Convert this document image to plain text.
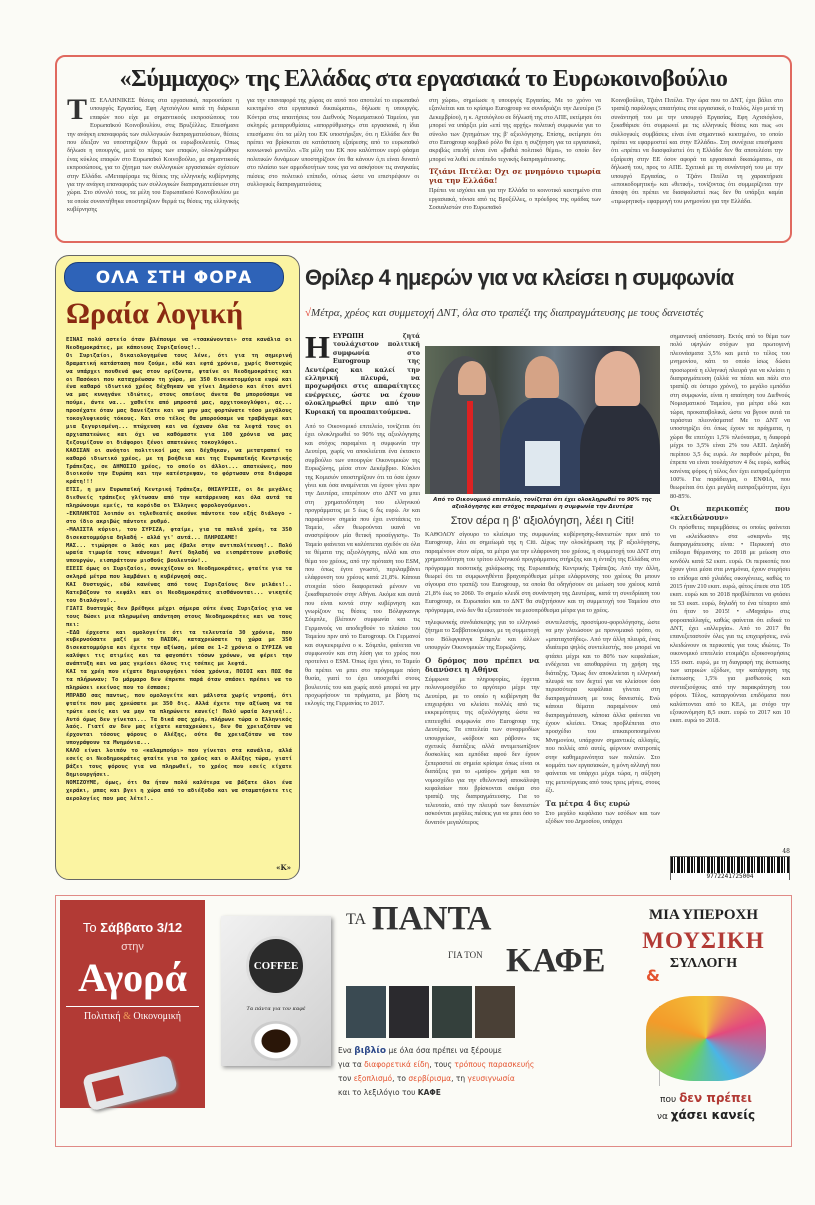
«Σύμμαχος» της Ελλάδας στα εργασιακά το Ευρωκοινοβούλιο
ΤΙΣ ΕΛΛΗΝΙΚΕΣ θέσεις στα εργασιακά, παρουσίασε η υπουργός Εργασίας, Εφη Αχτσιόγλου κατά τη διάρκεια επαφών που είχε με σημαντικούς εκπροσώπους του Ευρωπαϊκού Κοινοβουλίου, στις Βρυξέλλες. Επεσήμανε την ανάγκη επαναφοράς των συλλογικών διαπραγματεύσεων, θέσεις που έδειξαν να υποστηρίζουν θερμά οι ευρωβουλευτές. Οπως δήλωσε η υπουργός, μετά το πέρας των επαφών, ολοκληρώθηκε ένας κύκλος επαφών στο Ευρωπαϊκό Κοινοβούλιο, με σημαντικούς εκπροσώπους, για το ζήτημα των συλλογικών εργασιακών σχέσεων στην Ελλάδα. «Μεταφέραμε τις θέσεις της ελληνικής κυβέρνησης για την ανάγκη επαναφοράς των συλλογικών διαπραγματεύσεων στη χώρα. Στο σύνολό τους, τα μέλη του Ευρωπαϊκού Κοινοβουλίου με τα οποία συναντήθηκα υποστηρίζουν θερμά τις θέσεις της ελληνικής κυβέρνησης
για την επαναφορά της χώρας σε αυτό που αποτελεί το ευρωπαϊκό κεκτημένο στα εργασιακά δικαιώματα», δήλωσε η υπουργός. Κόντρα στις απαιτήσεις του Διεθνούς Νομισματικού Ταμείου, για σκληρές μεταρρυθμίσεις «απορρύθμισης» στα εργασιακά, η ίδια επεσήμανε ότι τα μέλη του ΕΚ υποστήριξαν, ότι η Ελλάδα δεν θα πρέπει να βρίσκεται σε κατάσταση εξαίρεσης από το ευρωπαϊκό κοινωνικό μοντέλο. «Τα μέλη του ΕΚ που καλύπτουν ευρύ φάσμα πολιτικών δυνάμεων υποστηρίζουν ότι θα κάνουν ό,τι είναι δυνατό στο πλαίσιο των αρμοδιοτήτων τους για να ασκήσουν τις αναγκαίες πιέσεις στο πολιτικό επίπεδο, ούτως ώστε να επιστρέψουν οι συλλογικές διαπραγματεύσεις

στη χώρα», σημείωσε η υπουργός Εργασίας. Με το χρόνο να εξανλείται και το κρίσιμο Eurogroup να συνεδριάζει την Δευτέρα (5 Δεκεμβρίου), η κ. Αχτσιόγλου σε δήλωσή της στο ΑΠΕ, εκτίμησε ότι μπορεί να υπάρξει μία «επί της αρχής» πολιτική συμφωνία για το σύνολο των ζητημάτων της β' αξιολόγησης. Επίσης, εκτίμησε ότι στο Eurogroup κομβικό ρόλο θα έχει η συζήτηση για τα εργασιακά, ακριβώς επειδή είναι ένα «βαθιά πολιτικό θέμα», το οποίο δεν μπορεί να λυθεί σε επίπεδο τεχνικής διαπραγμάτευσης.

Τζιάνι Πιτέλα: Όχι σε μνημόνιο τιμωρία για την Ελλάδα!

Πρέπει να ισχύσει και για την Ελλάδα το κοινοτικό κεκτημένο στα εργασιακά, τόνισε από τις Βρυξέλλες, ο πρόεδρος της ομάδας των Σοσιαλιστών στο Ευρωπαϊκό

Κοινοβούλιο, Τζιάνι Πιτέλα. Την ώρα που το ΔΝΤ, έχει βάλει στο τραπέζι παράλογες απαιτήσεις στα εργασιακά, ο Ιταλός, λίγο μετά τη συνάντησή του με την υπουργό Εργασίας, Εφη Αχτσιόγλου, ξεκαθάρισε ότι συμφωνεί με τις ελληνικές θέσεις και πως «οι συλλογικές συμβάσεις είναι ένα σημαντικό κεκτημένο, το οποίο πρέπει να εφαρμοστεί και στην Ελλάδα». Στη συνέχεια επεσήμανε ότι «πρέπει να διασφαλιστεί ότι η Ελλάδα δεν θα αποτελέσει την εξαίρεση στην ΕΕ όσον αφορά τα εργασιακά δικαιώματα», σε δήλωσή του, προς το ΑΠΕ. Σχετικά με τη συνάντησή του με την υπουργό Εργασίας, ο Τζιάνι Πιτέλα τη χαρακτήρισε «εποικοδομητική» και «θετική», τονίζοντας ότι συμμερίζεται την άποψη ότι πρέπει να διασφαλιστεί πως δεν θα υπάρξει καμία «τιμωρητική» εφαρμογή του μνημονίου για την Ελλάδα.
ΟΛΑ ΣΤΗ ΦΟΡΑ
Ωραία λογική

ΕΙΝΑΙ πολύ αστείο όταν βλέπουμε να «τσακώνονται» στα κανάλια οι Νεοδημοκράτες, με κάποιους Συριζαίους!..

Οι Συριζαίοι, δικαιολογημένα τους λένε, ότι για τη σημερινή δραματική κατάσταση που ζούμε, εδώ και εφτά χρόνια, χωρίς δυστυχώς να υπάρχει πουθενά φως στον ορίζοντα, φταίνε οι Νεοδημοκράτες και οι Πασόκοι που καταχρέωσαν τη χώρα, με 350 δισεκατομμύρια ευρώ και ένα καθαρό ιδιωτικό χρέος δέχθηκαν να γίνει Δημόσιο και έτσι αντί να μας κυνηγάνε ιδιώτες, στους οποίους άνετα θα μπορούσαμε να πούμε, άντε να... χαθείτε από μπροστά μας, αρχιτοκογλύφοι, ας... προσέχατε όταν μας δανείζατε και να μην μας φορτώνατε τόσο μεγάλους τοκογλυφικούς τόκους. Και στο τέλος θα μπορούσαμε να τραβάγαμε και μια ξεγυρισμένη... πτώχευση και να έχαναν όλα τα λεφτά τους οι αρχιαπατεώνες και όχι να καθόμαστε για 100 χρόνια να μας ξεζουμίζουν οι διάφοροι ξένοι απατεώνες τοκογλύφοι.

ΚΑΘΙΣΑΝ οι ανόητοι πολιτικοί μας και δέχθηκαν, να μετατραπεί το καθαρό ιδιωτικό χρέος, με τη βοήθεια και της Ευρωπαϊκής Κεντρικής Τράπεζας, σε ΔΗΜΟΣΙΟ χρέος, το οποίο οι άλλοι... απατεώνες, που διοικούν την Ευρώπη και την κατέστρεψαν, το φόρτωσαν στα διάφορα κράτη!!!

ΕΤΣΙ, η μεν Ευρωπαϊκή Κεντρική Τράπεζα, ΘΗΣΑΥΡΙΣΕ, οι δε μεγάλες διεθνείς τράπεζες γλίτωσαν από την κατάρρευση και όλα αυτά τα πληρώνουμε εμείς, τα κορόιδα οι Έλληνες φορολογούμενοι.

-ΕΚΠΛΗΚΤΟΙ λοιπόν οι τηλεθεατές ακούνε πάντοτε τον εξής διάλογο - στο ίδιο ακριβώς πάντοτε ρυθμό.

-ΜΑΛΙΣΤΑ κύριοι, του ΣΥΡΙΖΑ, φταίμε, για τα παλιά χρέη, τα 350 δισεκατομμύρια δηλαδή - αλλά γι' αυτά... ΠΛΗΡΩΣΑΜΕ!

ΜΑΣ... τιμώρησε ο λαός και μας έβαλε στην αντιπολίτευση!.. Πολύ ωραία τιμωρία τους κάνουμε! Αντί δηλαδή να εισπράττουν μισθούς υπουργών, εισπράττουν μισθούς βουλευτών!..

ΕΣΕΙΣ όμως οι Συριζαίοι, συνεχίζουν οι Νεοδημοκράτες, φταίτε για τα σκληρά μέτρα που λαμβάνει η κυβέρνησή σας.

ΚΑΙ δυστυχώς, εδώ κανένας από τους Συριζαίους δεν μιλάει!.. Κατεβάζουν το κεφάλι και οι Νεοδημοκράτες αισθάνονται... νικητές του διαλόγου!..

ΓΙΑΤΙ δυστυχώς δεν βρέθηκε μέχρι σήμερα ούτε ένας Συριζαίος για να τους δώσει μια πληρωμένη απάντηση στους Νεοδημοκράτες και να τους πει:

-ΕΔΩ έρχεστε και ομολογείτε ότι τα τελευταία 30 χρόνια, που κυβερνούσατε μαζί με το ΠΑΣΟΚ, καταχρεώσατε τη χώρα με 350 δισεκατομμύρια και έχετε την αξίωση, μέσα σε 1-2 χρόνια ο ΣΥΡΙΖΑ να καλύψει τις ατιμίες και τα φαγοπότι τόσων χρόνων, να φέρει την ανάπτυξη και να μας γεμίσει όλους τις τσέπες με λεφτά.

ΚΑΙ τα χρέη που είχατε δημιουργήσει τόσα χρόνια, ΠΟΙΟΙ και ΠΩΣ θα τα πλήρωναν; Το μάρμαρο δεν έπρεπε παρά όταν σπάσει πρέπει να το πληρώσει εκείνος που το έσπασε;

ΜΠΡΑΒΟ σας παντως, που ομολογείτε και μάλιστα χωρίς ντροπή, ότι φταίτε που μας χρεώσατε με 350 δις. Αλλά έχετε την αξίωση να τα τρώτε εσείς και να μην τα πληρώνετε κανείς! Πολύ ωραία λογική!.. Αυτό όμως δεν γίνεται... Τα δικά σας χρέη, πλήρωνε τώρα ο Ελληνικός λαός. Γιατί αν δεν μας είχατε καταχρεώσει, δεν θα χρειαζόταν να έρχονται τόσους φόρους ο Αλέξης, ούτε θα χρειαζόταν να τον υπογράψουν τα Μνημόνια...

ΚΑΛΟ είναι λοιπόν το «καλαμπούρι» που γίνεται στα κανάλια, αλλά εσείς οι Νεοδημοκράτες φταίτε για το χρέος και ο Αλέξης τώρα, γιατί βάζει τους φόρους για να πληρωθεί, το χρέος που εσείς είχατε δημιουργήσει.

ΝΟΜΙΖΟΥΜΕ, όμως, ότι θα ήταν πολύ καλύτερα να βάζατε όλοι ένα χεράκι, μπας και βγει η χώρα από το αδιέξοδο και να σταματήσετε τις αερολογίες που μας λέτε!..

«Κ»
Θρίλερ 4 ημερών για να κλείσει η συμφωνία
√Μέτρα, χρέος και συμμετοχή ΔΝΤ, όλα στο τραπέζι της διαπραγμάτευσης με τους δανειστές
ΗΕΥΡΩΠΗ ζητά τουλάχιστον πολιτική συμφωνία στο Eurogroup της Δευτέρας και καλεί την ελληνική πλευρά, να προχωρήσει στις απαραίτητες ενέργειες, ώστε να έχουν ολοκληρωθεί πριν από την Κυριακή τα προαπαιτούμενα.
Από το Οικονομικό επιτελείο, τονίζεται ότι έχει ολοκληρωθεί το 90% της αξιολόγησης και στόχος παραμένει η συμφωνία την Δευτέρα, χωρίς να αποκλείεται ένα έκτακτο συμβούλιο των υπουργών Οικονομικών της Ευρωζώνης, μέσα στον Δεκέμβριο. Κύκλοι της Κομισιόν υποστηρίζουν ότι τα όσα έχουν γίνει και όσα αναμένεται να έχουν γίνει πριν την Δευτέρα, επιτρέπουν στο ΔΝΤ να μπει στη χρηματοδότηση του ελληνικού προγράμματος με 5 έως 6 δις ευρώ. Αν και παραμένουν σημεία που έχει ενστάσεις το Ταμείο, «δεν θεωρούνται ικανά να αναστρέψουν μία θετική προσέγγιση». Το Ταμείο φαίνεται να καλύπτεται σχεδόν σε όλα τα θέματα της αξιολόγησης, αλλά και στο θέμα του χρέους, από την πρόταση του ESM, που όπως έγινε γνωστό, περιλαμβάνει ελάφρυνση του χρέους κατά 21,8%. Κάποια στοιχεία τόσο διαφορετικά μένουν να ξεκαθαριστούν στην Αθήνα. Ακόμα και αυτά που είναι κοντά στην κυβέρνηση και γνωρίζουν τις θέσεις του Βόλφγκανγκ Σόιμπλε, βλέπουν συμφωνία και τις Γερμανούς να αποδεχθούν το πλαίσιο του Ταμείου πριν από το Eurogroup. Οι Γερμανοί και συγκεκριμένα ο κ. Σόιμπλε, φαίνεται να συμφωνούν και στη λύση για το χρέος που προτείνει ο ESM. Όπως έχει γίνει, το Ταμείο θα πρέπει να μπει στο πρόγραμμα πάση θυσία, γιατί το έχει υποσχεθεί στους βουλευτές του και χωρίς αυτό μπορεί να μην προχωρήσουν τα πράγματα, με βάση τις εκλογές της Γερμανίας το 2017.
Από το Οικονομικό επιτελείο, τονίζεται ότι έχει ολοκληρωθεί το 90% της αξιολόγησης και στόχος παραμένει η συμφωνία την Δευτέρα
Στον αέρα η β' αξιολόγηση, λέει η Citi!
ΚΑΘΟΛΟΥ σίγουρο το κλείσιμο της συμφωνίας κυβέρνησης-δανειστών πριν από το Eurogroup, λέει σε σημείωμά της η Citi. Δίχως την ολοκλήρωση της β' αξιολόγησης, παραμένουν στον αέρα, τα μέτρα για την ελάφρυνση του χρέους, η συμμετοχή του ΔΝΤ στη χρηματοδότηση του τρίτου ελληνικού προγράμματος στήριξης και η ένταξη της Ελλάδας στο πρόγραμμα ποσοτικής χαλάρωσης της Ευρωπαϊκής Κεντρικής Τράπεζας. Από την άλλη, θεωρεί ότι τα συμφωνηθέντα βραχυπρόθεσμα μέτρα ελάφρυνσης του χρέους θα μπουν σίγουρα στο τραπέζι του Eurogroup, τα οποία θα οδηγήσουν σε μείωση του χρέους κατά 21,8% έως το 2060. Το σημείο κλειδί στη συνάντηση της Δευτέρας, κατά τη συνεδρίαση του Eurogroup, οι Ευρωπαίοι και το ΔΝΤ θα συζητήσουν και τη συμμετοχή του Ταμείου στο πρόγραμμα, ενώ δεν θα εξεταστούν τα μεσοπρόθεσμα μέτρα για το χρέος.

τηλεφωνικής συνδιάσκεψης για το ελληνικό ζήτημα το Σαββατοκύριακο, με τη συμμετοχή του Βόλφγκανγκ Σόιμπλε και άλλων υπουργών Οικονομικών της Ευρωζώνης.

Ο δρόμος που πρέπει να διανύσει η Αθήνα

Σύμφωνα με πληροφορίες, έρχεται πολυνομοσχέδιο το αργότερο μέχρι την Δευτέρα, με το οποίο η κυβέρνηση θα επιχειρήσει να κλείσει πολλές από τις εκκρεμότητες της αξιολόγησης ώστε να επιτευχθεί συμφωνία στο Eurogroup της Δευτέρας. Τα επιτελεία των συναρμοδίων υπουργείων, «κόβουν και ράβουν» τις σχετικές διατάξεις αλλά αντιμετωπίζουν δυσκολίες και εμπόδια αφού δεν έχουν ξεπεραστεί σε σημεία κρίσιμα όπως είναι οι διατάξεις για το «μαύρο» χρήμα και το νομοσχέδιο για την εθελοντική αποκάλυψη κεφαλαίων που βρίσκονται ακόμα στο τραπέζι της διαπραγμάτευσης. Για το τελευταίο, από την πλευρά των δανειστών ασκούνται μεγάλες πιέσεις για να μπει όσο το δυνατόν μεγαλύτερος

συντελεστής, προστίμου-φορολόγησης, ώστε να μην γλιτώσουν με προνομιακό τρόπο, οι «μπαταχτσήδες». Από την άλλη πλευρά, ένας ιδιαίτερα ψηλός συντελεστής, που μπορεί να φτάσει μέχρι και το 80% των κεφαλαίων, ενδέχεται να αποθαρρύνει τη χρήση της διάταξης. Όμως δεν αποκλείεται η ελληνική πλευρά να τον δεχτεί για να κλείσουν όσο περισσότερα κεφάλαια γίνεται στη διαπραγμάτευση με τους δανειστές. Ενώ κάποια θέματα παραμένουν υπό διαπραγμάτευση, κάποια άλλα φαίνεται να έχουν κλείσει. Όπως προβλέπεται στο προσχέδιο του επικαιροποιημένου Μνημονίου, υπάρχουν σημαντικές αλλαγές, που πολλές από αυτές, φέρνουν ανατροπές στην καθημερινότητα των πολιτών. Στο κομμάτι των εργασιακών, η μόνη αλλαγή που φαίνεται να υπάρχει μέχρι τώρα, η αύξηση της μετενέργειας από τους τρεις μήνες, στους έξι.

Τα μέτρα 4 δις ευρώ

Στο μεγάλο κεφάλαιο των εσόδων και των εξόδων του Δημοσίου, υπάρχει

σημαντική απόσταση. Εκτός από το θέμα των πολύ υψηλών στόχων για πρωτογενή πλεονάσματα 3,5% και μετά το τέλος του μνημονίου, κάτι το οποίο ίσως δώσει προσωρινά η ελληνική πλευρά για να κλείσει η διαπραγμάτευση (αλλά να πέσει και πάλι στο τραπέζι σε ύστερο χρόνο), το μεγάλο εμπόδιο στη συμφωνία, είναι η απαίτηση του Διεθνούς Νομισματικού Ταμείου, για μέτρα εδώ και τώρα, προκαταβολικά, ώστε να βγουν αυτά τα τεράστια πλεονάσματα! Με το ΔΝΤ να υποστηρίζει ότι όπως έχουν τα πράγματα, η χώρα θα επιτύχει 1,5% πλεόνασμα, η διαφορά μέχρι το 3,5% είναι 2% του ΑΕΠ. Δηλαδή περίπου 3,5 δις ευρώ. Αν παρθούν μέτρα, θα έπρεπε να είναι τουλάχιστον 4 δις ευρώ, καθώς κανένας φόρος ή τέλος δεν έχει εισπραξιμότητα 100%. Για παράδειγμα, ο ΕΝΦΙΑ, που θεωρείται ότι έχει μεγάλη εισπραξιμότητα, έχει 80-85%.

Οι περικοπές που «κλειδώνουν»

Οι πρόσθετες παρεμβάσεις οι οποίες φαίνεται να «κλείδωσαν» στα «σκαρνά» της διαπραγμάτευσης είναι: • Περικοπή στο επίδομα θέρμανσης το 2018 με μείωση στο κονδύλι κατά 52 εκατ. ευρώ. Οι περικοπές που έχουν γίνει μέσα στα μνημόνια, έχουν στερήσει το επίδομα από χιλιάδες οικογένειες, καθώς το 2015 ήταν 210 εκατ. ευρώ, φέτος έπεσε στα 105 εκατ. ευρώ και το 2018 προβλέπεται να φτάσει τα 53 εκατ. ευρώ, δηλαδή το ένα τέταρτο από ότι ήταν το 2015! • «Μαχαίρι» στις φοροαπαλλαγές, καθώς φαίνεται ότι ειδικά το ΔΝΤ, έχει «αλλεργία». Από το 2017 θα επανεξεταστούν όλες για τις επιχειρήσεις, ενώ κλειδώνουν οι περικοπές για τους ιδιώτες. Το οικονομικό επιτελείο ετοιμάζει εξοικονομήσεις 155 εκατ. ευρώ, με τη διαγραφή της έκπτωσης των ιατρικών εξόδων, την κατάργηση της έκπτωσης 1,5% για μισθωτούς και συνταξιούχους από την παρακράτηση του φόρου. Τέλος, καταργούνται επιδόματα που καλύπτονται από το ΚΕΑ, με στόχο την εξοικονόμηση 8,5 εκατ. ευρώ το 2017 και 10 εκατ. ευρώ το 2018.

48
9772241725004
Το Σάββατο 3/12
στην
Αγορά
Πολιτική & Οικονομική
COFFEE
Τα πάντα για τον καφέ
ΤΑ ΠΑΝΤΑ
ΓΙΑ ΤΟΝ ΚΑΦΕ
Ενα βιβλίο με όλα όσα πρέπει να ξέρουμε
για τα διαφορετικά είδη, τους τρόπους παρασκευής
τον εξοπλισμό, το σερβίρισμα, τη γευσιγνωσία
και το λεξιλόγιο του ΚΑΦΕ
&
ΜΙΑ ΥΠΕΡΟΧΗ
ΜΟΥΣΙΚΗ
ΣΥΛΛΟΓΗ
που δεν πρέπει
να χάσει κανείς
